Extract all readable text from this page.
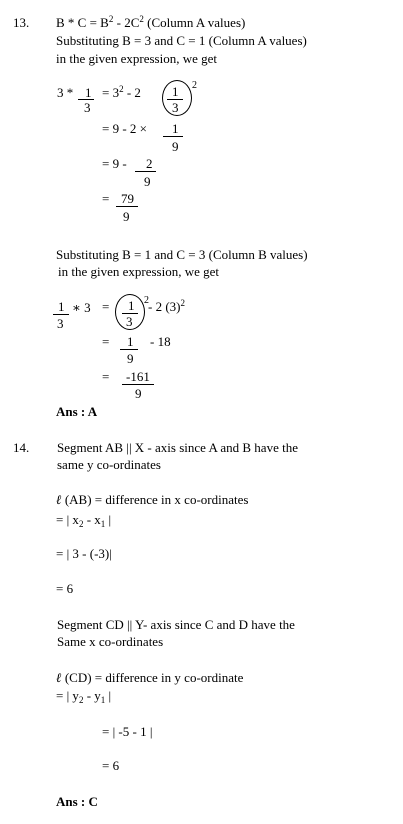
13. $B * C = B^2 - 2C^2$ (Column A values)
Substituting B = 3 and C = 1 (Column A values)
in the given expression, we get
3 * 1
3
= $3^2 - 2$ 1
3
2
= 9 - 2 × 1
9
= 9 - 2
9
= 79
9
Substituting B = 1 and C = 3 (Column B values)
in the given expression, we get
1
3
∗ 3 = 1
3
2 - 2 $(3)^2$
= 1
9
- 18
= -161
9
Ans : A
14. Segment AB || X - axis since A and B have the
same y co-ordinates
ℓ (AB) = difference in x co-ordinates
= | $x_2 - x_1$ |
= | 3 - (-3)|
= 6
Segment CD || Y- axis since C and D have the
Same x co-ordinates
ℓ (CD) = difference in y co-ordinate
= | $y_2 - y_1$ |
= | -5 - 1 |
= 6
Ans : C
